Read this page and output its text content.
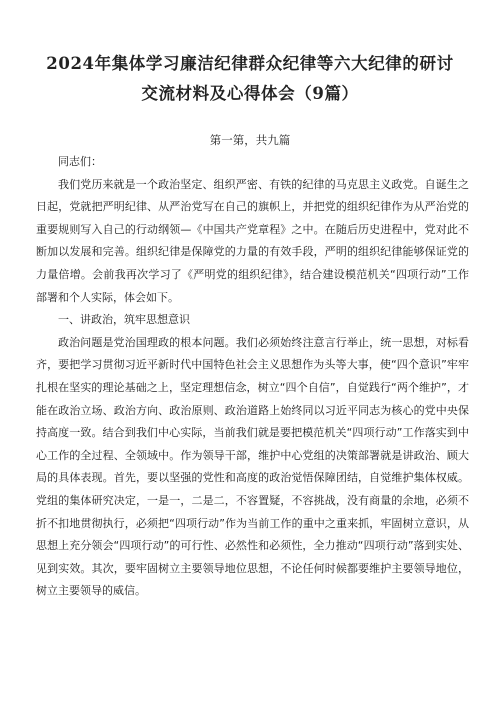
2024年集体学习廉洁纪律群众纪律等六大纪律的研讨
交流材料及心得体会（9篇）
第一第，共九篇

同志们：

我们党历来就是一个政治坚定、组织严密、有铁的纪律的马克思主义政党。自诞生之日起，党就把严明纪律、从严治党写在自己的旗帜上，并把党的组织纪律作为从严治党的重要规则写入自己的行动纲领—《中国共产党章程》之中。在随后历史进程中，党对此不断加以发展和完善。组织纪律是保障党的力量的有效手段，严明的组织纪律能够保证党的力量倍增。会前我再次学习了《严明党的组织纪律》，结合建设模范机关“四项行动”工作部署和个人实际，体会如下。

一、讲政治，筑牢思想意识

政治问题是党治国理政的根本问题。我们必须始终注意言行举止，统一思想，对标看齐，要把学习贯彻习近平新时代中国特色社会主义思想作为头等大事，使“四个意识”牢牢扎根在坚实的理论基础之上，坚定理想信念，树立“四个自信”，自觉践行“两个维护”，才能在政治立场、政治方向、政治原则、政治道路上始终同以习近平同志为核心的党中央保持高度一致。结合到我们中心实际，当前我们就是要把模范机关“四项行动”工作落实到中心工作的全过程、全领域中。作为领导干部，维护中心党组的决策部署就是讲政治、顾大局的具体表现。首先，要以坚强的党性和高度的政治觉悟保障团结，自觉维护集体权威。党组的集体研究决定，一是一，二是二，不容置疑，不容挑战，没有商量的余地，必须不折不扣地贯彻执行，必须把“四项行动”作为当前工作的重中之重来抓，牢固树立意识，从思想上充分领会“四项行动”的可行性、必然性和必须性，全力推动“四项行动”落到实处、见到实效。其次，要牢固树立主要领导地位思想，不论任何时候都要维护主要领导地位，树立主要领导的威信。
